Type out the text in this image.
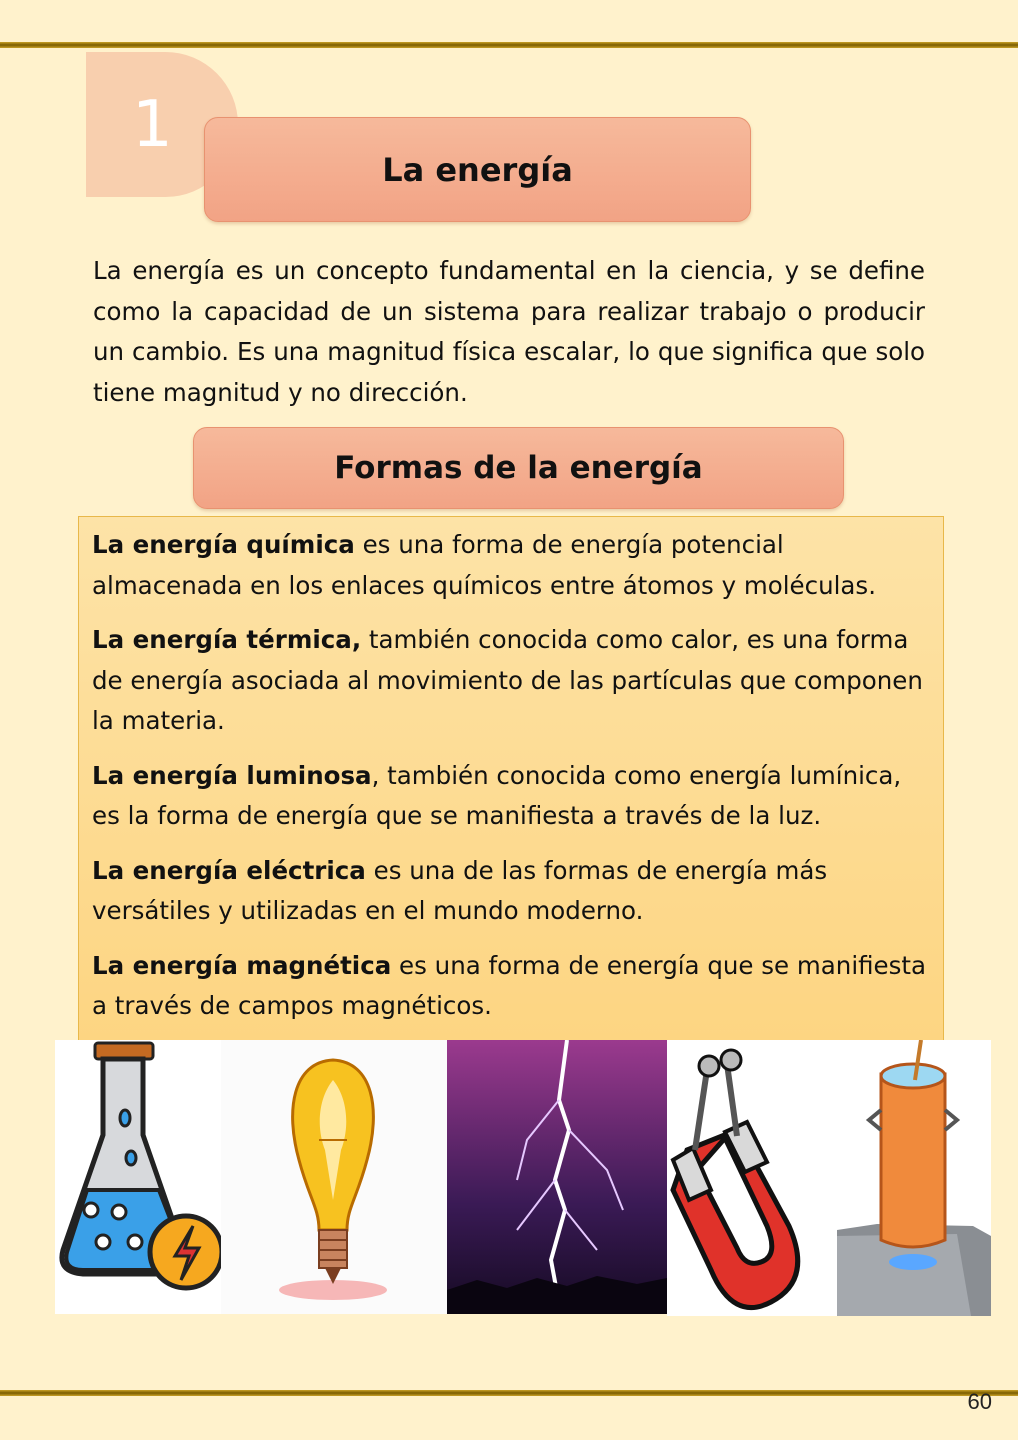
1
La energía
La energía es un concepto fundamental en la ciencia, y se define como la capacidad de un sistema para realizar trabajo o producir un cambio. Es una magnitud física escalar, lo que significa que solo tiene magnitud y no dirección.
Formas de la energía

La energía química es una forma de energía potencial almacenada en los enlaces químicos entre átomos y moléculas.

La energía térmica, también conocida como calor, es una forma de energía asociada al movimiento de las partículas que componen la materia.

La energía luminosa, también conocida como energía lumínica, es la forma de energía que se manifiesta a través de la luz.

La energía eléctrica es una de las formas de energía más versátiles y utilizadas en el mundo moderno.

La energía magnética es una forma de energía que se manifiesta a través de campos magnéticos.

60
